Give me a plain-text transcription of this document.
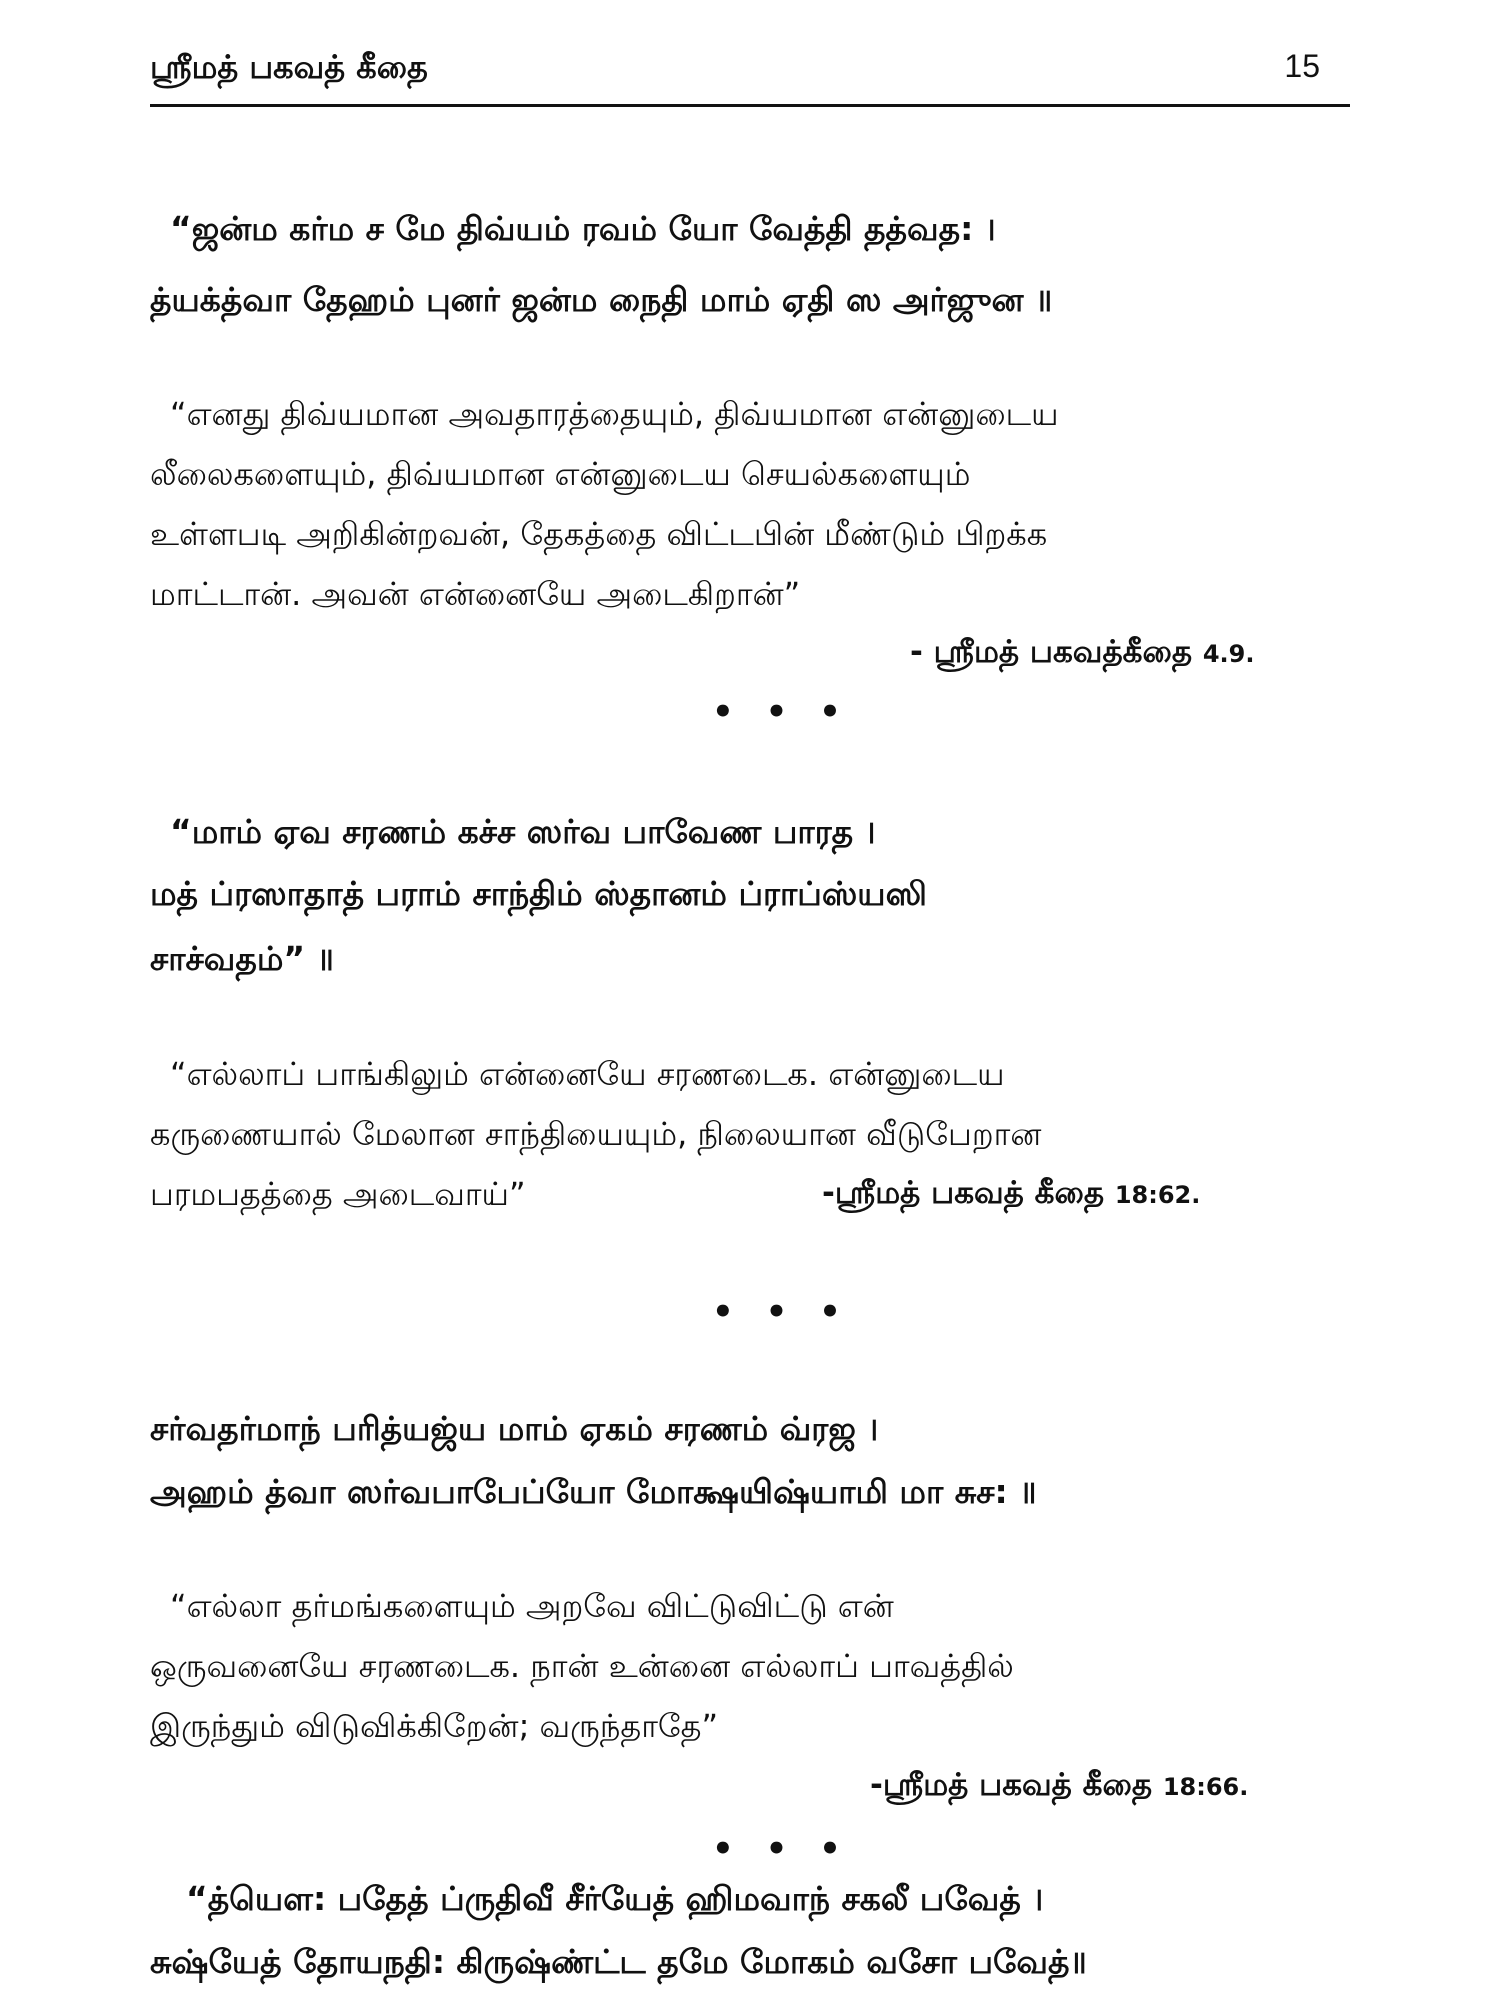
ஸ்ரீமத் பகவத் கீதை	15
“ஜன்ம கர்ம ச மே திவ்யம் ரவம் யோ வேத்தி தத்வத: ।
த்யக்த்வா தேஹம் புனர் ஜன்ம நைதி மாம் ஏதி ஸ அர்ஜுன ॥
“எனது திவ்யமான அவதாரத்தையும், திவ்யமான என்னுடைய
லீலைகளையும், திவ்யமான என்னுடைய செயல்களையும்
உள்ளபடி அறிகின்றவன், தேகத்தை விட்டபின் மீண்டும் பிறக்க
மாட்டான். அவன் என்னையே அடைகிறான்”
- ஸ்ரீமத் பகவத்கீதை 4.9.
• • •
“மாம் ஏவ சரணம் கச்ச ஸர்வ பாவேண பாரத ।
மத் ப்ரஸாதாத் பராம் சாந்திம் ஸ்தானம் ப்ராப்ஸ்யஸி
சாச்வதம்” ॥
“எல்லாப் பாங்கிலும் என்னையே சரணடைக. என்னுடைய
கருணையால் மேலான சாந்தியையும், நிலையான வீடுபேறான
பரமபதத்தை அடைவாய்”	-ஸ்ரீமத் பகவத் கீதை 18:62.
• • •
சர்வதர்மாந் பரித்யஜ்ய மாம் ஏகம் சரணம் வ்ரஜ ।
அஹம் த்வா ஸர்வபாபேப்யோ மோக்ஷயிஷ்யாமி மா சுச: ॥
“எல்லா தர்மங்களையும் அறவே விட்டுவிட்டு என்
ஒருவனையே சரணடைக. நான் உன்னை எல்லாப் பாவத்தில்
இருந்தும் விடுவிக்கிறேன்; வருந்தாதே”
-ஸ்ரீமத் பகவத் கீதை 18:66.
• • •
“த்யௌ: பதேத் ப்ருதிவீ சீர்யேத் ஹிமவாந் சகலீ பவேத் ।
சுஷ்யேத் தோயநதி: கிருஷ்ண்ட்ட தமே மோகம் வசோ பவேத்॥
